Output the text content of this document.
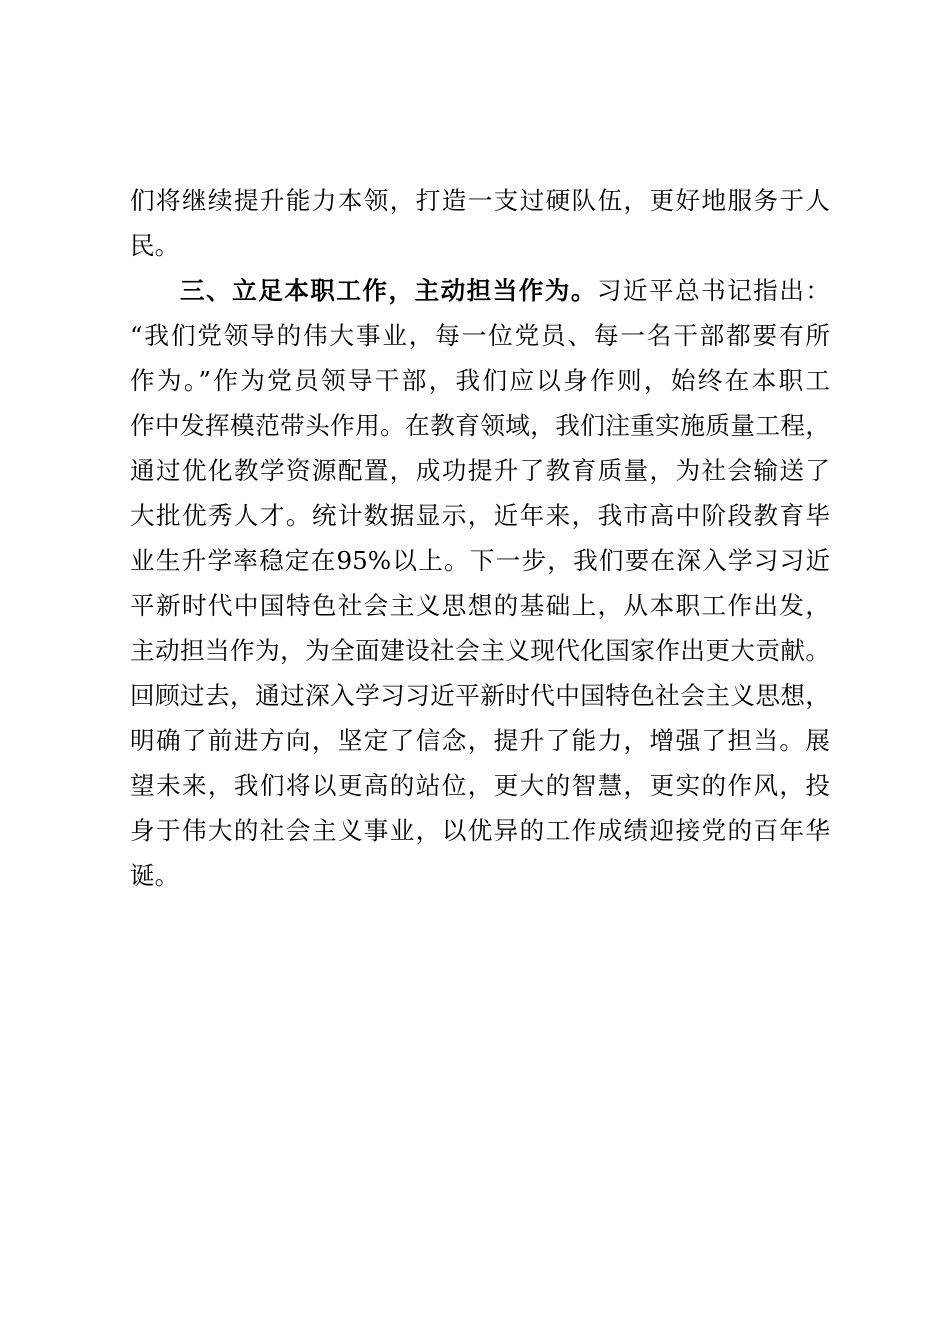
们将继续提升能力本领，打造一支过硬队伍，更好地服务于人
民。
三、立足本职工作，主动担当作为。习近平总书记指出：
“我们党领导的伟大事业，每一位党员、每一名干部都要有所
作为。”作为党员领导干部，我们应以身作则，始终在本职工
作中发挥模范带头作用。在教育领域，我们注重实施质量工程，
通过优化教学资源配置，成功提升了教育质量，为社会输送了
大批优秀人才。统计数据显示，近年来，我市高中阶段教育毕
业生升学率稳定在95%以上。下一步，我们要在深入学习习近
平新时代中国特色社会主义思想的基础上，从本职工作出发，
主动担当作为，为全面建设社会主义现代化国家作出更大贡献。
回顾过去，通过深入学习习近平新时代中国特色社会主义思想，
明确了前进方向，坚定了信念，提升了能力，增强了担当。展
望未来，我们将以更高的站位，更大的智慧，更实的作风，投
身于伟大的社会主义事业，以优异的工作成绩迎接党的百年华
诞。
